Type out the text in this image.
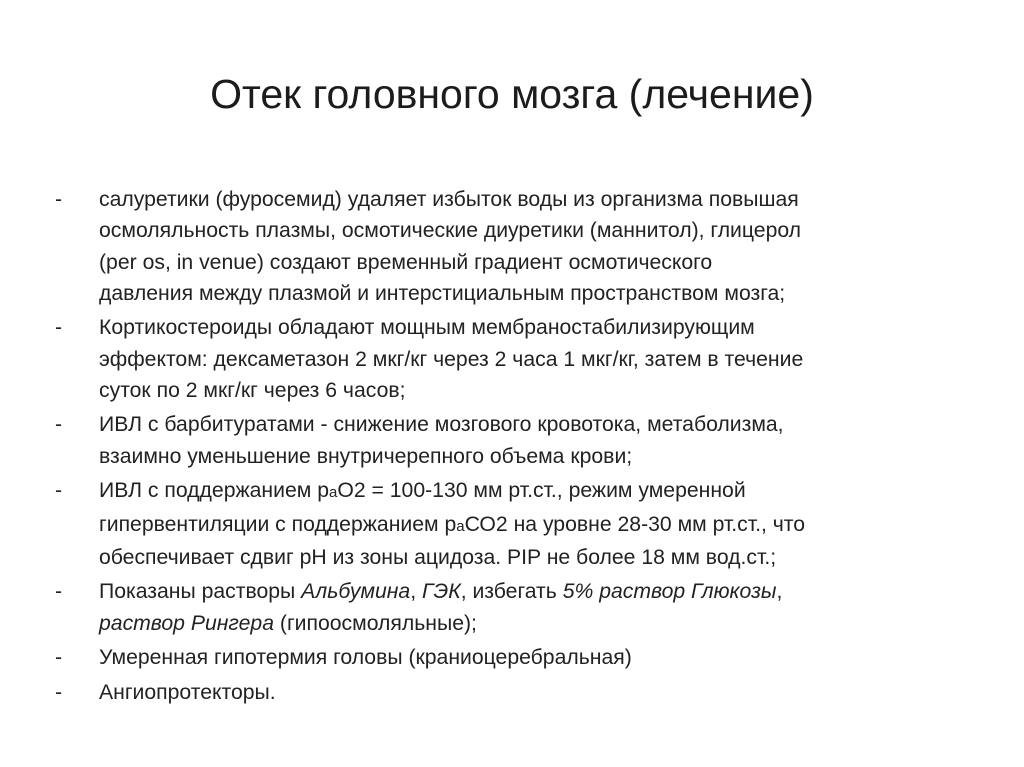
Отек головного мозга (лечение)
-	салуретики (фуросемид) удаляет избыток воды из организма повышая
осмоляльность плазмы, осмотические диуретики (маннитол), глицерол
(per os, in venue) создают временный градиент осмотического
давления между плазмой и интерстициальным пространством мозга;
-	Кортикостероиды обладают мощным мембраностабилизирующим
эффектом: дексаметазон 2 мкг/кг через 2 часа 1 мкг/кг, затем в течение
суток по 2 мкг/кг через 6 часов;
-	ИВЛ с барбитуратами - снижение мозгового кровотока, метаболизма,
взаимно уменьшение внутричерепного объема крови;
-	ИВЛ с поддержанием раО2 = 100-130 мм рт.ст., режим умеренной
гипервентиляции с поддержанием раСО2 на уровне 28-30 мм рт.ст., что
обеспечивает сдвиг рН из зоны ацидоза. PIP не более 18 мм вод.ст.;
-	Показаны растворы Альбумина, ГЭК, избегать 5% раствор Глюкозы,
раствор Рингера (гипоосмоляльные);
-	Умеренная гипотермия головы (краниоцеребральная)
-	Ангиопротекторы.
